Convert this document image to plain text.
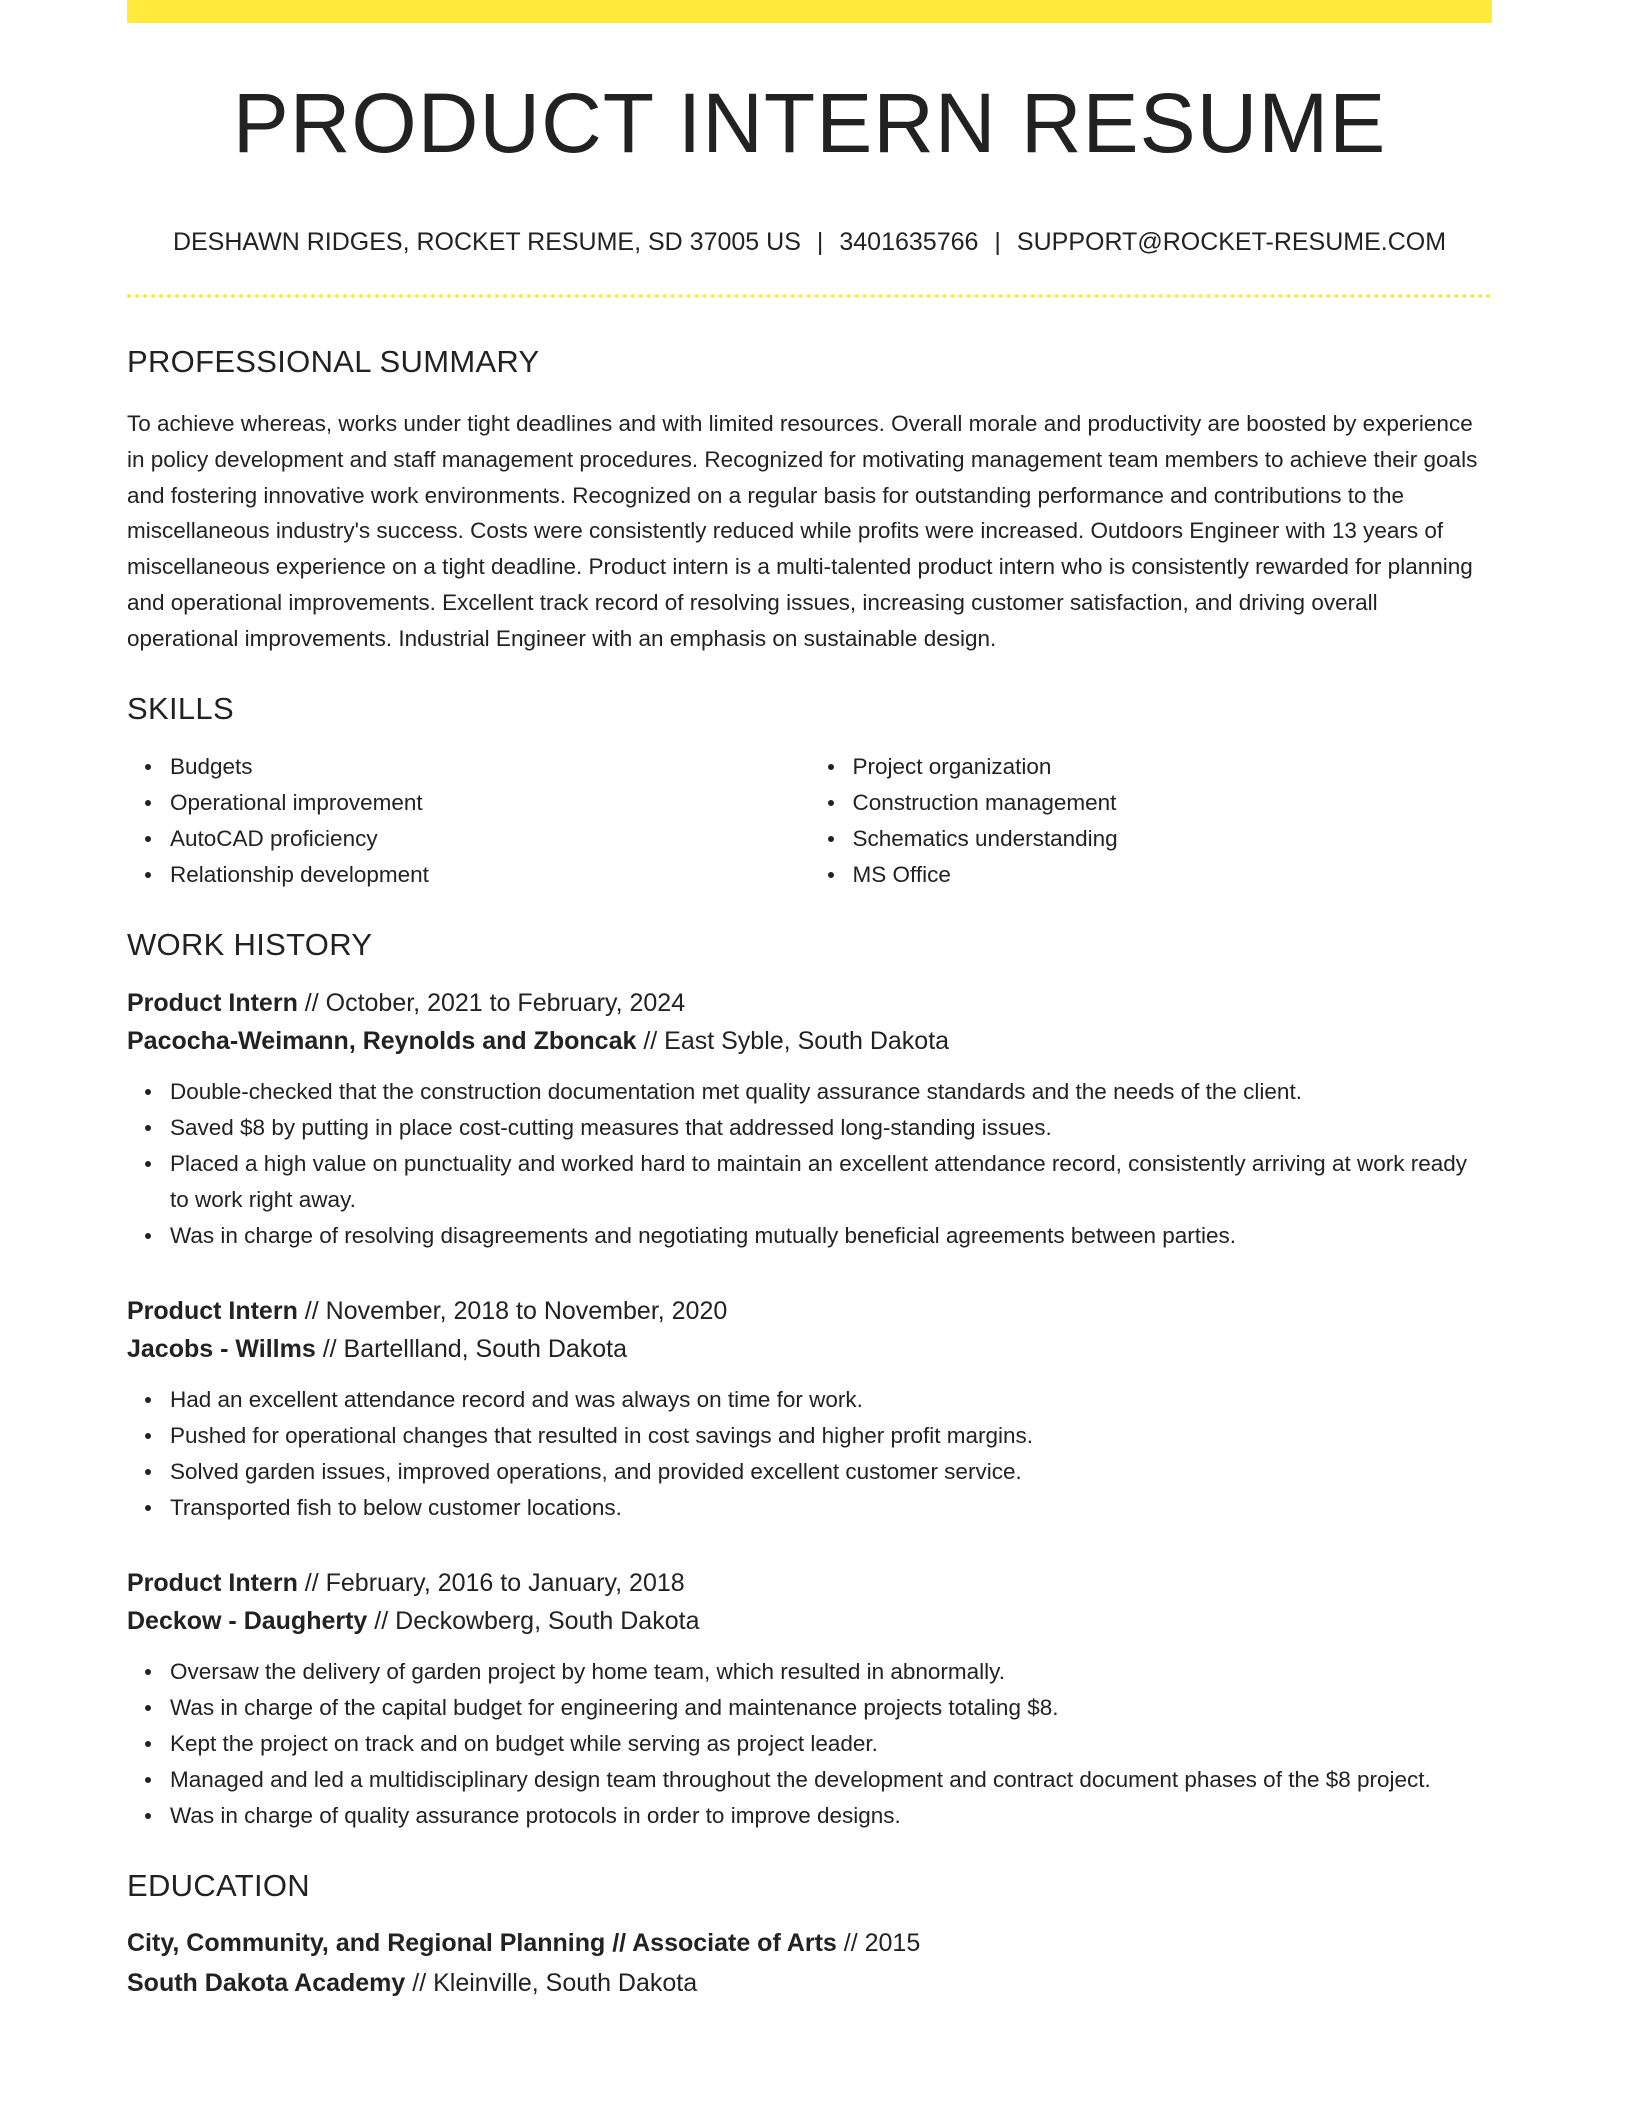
PRODUCT INTERN RESUME
DESHAWN RIDGES, ROCKET RESUME, SD 37005 US | 3401635766 | SUPPORT@ROCKET-RESUME.COM
PROFESSIONAL SUMMARY

To achieve whereas, works under tight deadlines and with limited resources. Overall morale and productivity are boosted by experience in policy development and staff management procedures. Recognized for motivating management team members to achieve their goals and fostering innovative work environments. Recognized on a regular basis for outstanding performance and contributions to the miscellaneous industry's success. Costs were consistently reduced while profits were increased. Outdoors Engineer with 13 years of miscellaneous experience on a tight deadline. Product intern is a multi-talented product intern who is consistently rewarded for planning and operational improvements. Excellent track record of resolving issues, increasing customer satisfaction, and driving overall operational improvements. Industrial Engineer with an emphasis on sustainable design.

SKILLS
Budgets
Operational improvement
AutoCAD proficiency
Relationship development
Project organization
Construction management
Schematics understanding
MS Office
WORK HISTORY
Product Intern // October, 2021 to February, 2024
Pacocha-Weimann, Reynolds and Zboncak // East Syble, South Dakota
Double-checked that the construction documentation met quality assurance standards and the needs of the client.
Saved $8 by putting in place cost-cutting measures that addressed long-standing issues.
Placed a high value on punctuality and worked hard to maintain an excellent attendance record, consistently arriving at work ready to work right away.
Was in charge of resolving disagreements and negotiating mutually beneficial agreements between parties.
Product Intern // November, 2018 to November, 2020
Jacobs - Willms // Bartellland, South Dakota
Had an excellent attendance record and was always on time for work.
Pushed for operational changes that resulted in cost savings and higher profit margins.
Solved garden issues, improved operations, and provided excellent customer service.
Transported fish to below customer locations.
Product Intern // February, 2016 to January, 2018
Deckow - Daugherty // Deckowberg, South Dakota
Oversaw the delivery of garden project by home team, which resulted in abnormally.
Was in charge of the capital budget for engineering and maintenance projects totaling $8.
Kept the project on track and on budget while serving as project leader.
Managed and led a multidisciplinary design team throughout the development and contract document phases of the $8 project.
Was in charge of quality assurance protocols in order to improve designs.
EDUCATION
City, Community, and Regional Planning // Associate of Arts // 2015
South Dakota Academy // Kleinville, South Dakota
